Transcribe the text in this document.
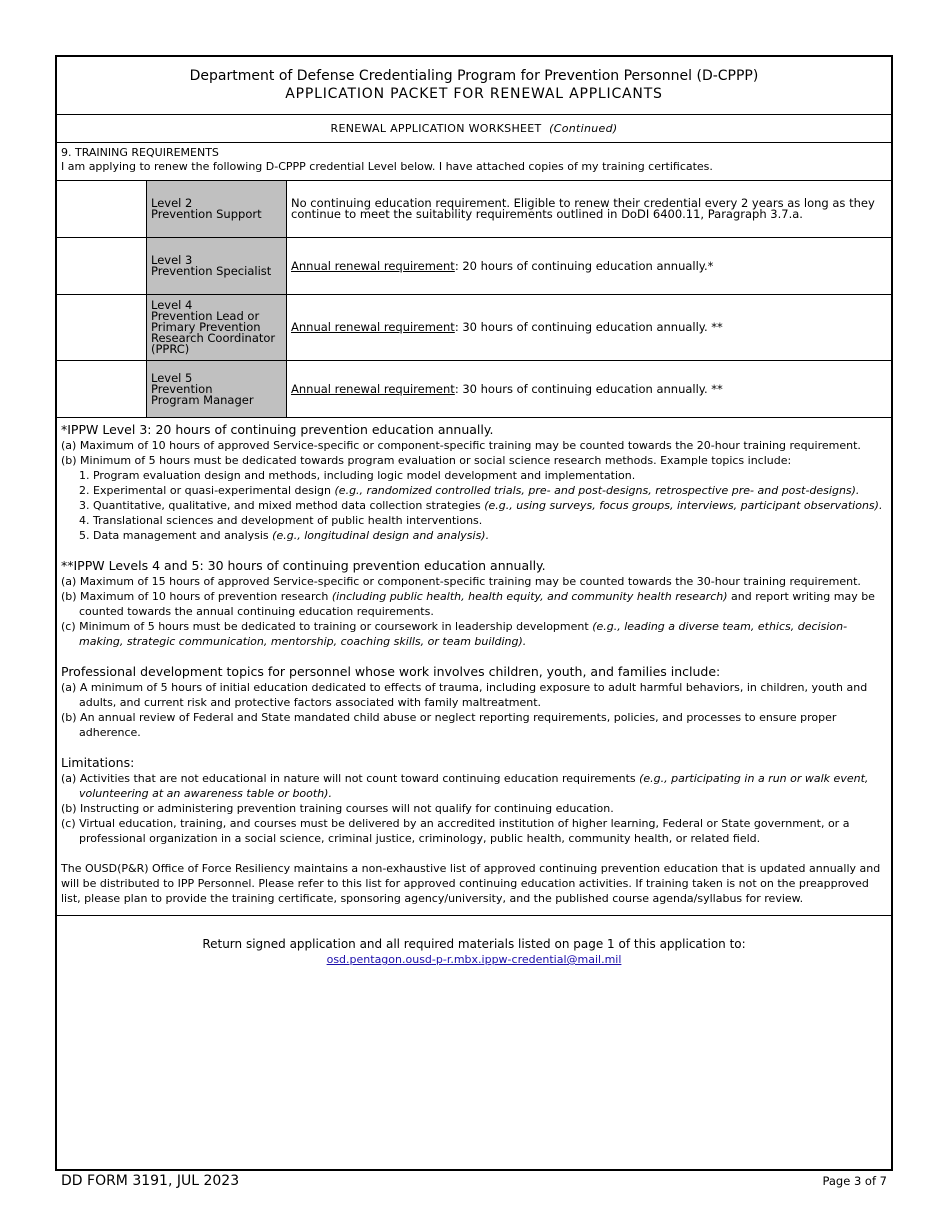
Department of Defense Credentialing Program for Prevention Personnel (D-CPPP)
APPLICATION PACKET FOR RENEWAL APPLICANTS
RENEWAL APPLICATION WORKSHEET (Continued)
9. TRAINING REQUIREMENTS
I am applying to renew the following D-CPPP credential Level below. I have attached copies of my training certificates.
Level 2
Prevention Support
No continuing education requirement. Eligible to renew their credential every 2 years as long as they continue to meet the suitability requirements outlined in DoDI 6400.11, Paragraph 3.7.a.
Level 3
Prevention Specialist Annual renewal requirement: 20 hours of continuing education annually.*
Level 4
Prevention Lead or
Primary Prevention
Research Coordinator
(PPRC)
Annual renewal requirement: 30 hours of continuing education annually. **
Level 5
Prevention
Program Manager
Annual renewal requirement: 30 hours of continuing education annually. **
*IPPW Level 3: 20 hours of continuing prevention education annually.
(a) Maximum of 10 hours of approved Service-specific or component-specific training may be counted towards the 20-hour training requirement.
(b) Minimum of 5 hours must be dedicated towards program evaluation or social science research methods. Example topics include:
1. Program evaluation design and methods, including logic model development and implementation.
2. Experimental or quasi-experimental design (e.g., randomized controlled trials, pre- and post-designs, retrospective pre- and post-designs).
3. Quantitative, qualitative, and mixed method data collection strategies (e.g., using surveys, focus groups, interviews, participant observations).
4. Translational sciences and development of public health interventions.
5. Data management and analysis (e.g., longitudinal design and analysis).
**IPPW Levels 4 and 5: 30 hours of continuing prevention education annually.
(a) Maximum of 15 hours of approved Service-specific or component-specific training may be counted towards the 30-hour training requirement.
(b) Maximum of 10 hours of prevention research (including public health, health equity, and community health research) and report writing may be counted towards the annual continuing education requirements.
(c) Minimum of 5 hours must be dedicated to training or coursework in leadership development (e.g., leading a diverse team, ethics, decision-making, strategic communication, mentorship, coaching skills, or team building).
Professional development topics for personnel whose work involves children, youth, and families include:
(a) A minimum of 5 hours of initial education dedicated to effects of trauma, including exposure to adult harmful behaviors, in children, youth and adults, and current risk and protective factors associated with family maltreatment.
(b) An annual review of Federal and State mandated child abuse or neglect reporting requirements, policies, and processes to ensure proper adherence.
Limitations:
(a) Activities that are not educational in nature will not count toward continuing education requirements (e.g., participating in a run or walk event, volunteering at an awareness table or booth).
(b) Instructing or administering prevention training courses will not qualify for continuing education.
(c) Virtual education, training, and courses must be delivered by an accredited institution of higher learning, Federal or State government, or a professional organization in a social science, criminal justice, criminology, public health, community health, or related field.
The OUSD(P&R) Office of Force Resiliency maintains a non-exhaustive list of approved continuing prevention education that is updated annually and will be distributed to IPP Personnel. Please refer to this list for approved continuing education activities. If training taken is not on the preapproved list, please plan to provide the training certificate, sponsoring agency/university, and the published course agenda/syllabus for review.
Return signed application and all required materials listed on page 1 of this application to:
osd.pentagon.ousd-p-r.mbx.ippw-credential@mail.mil
DD FORM 3191, JUL 2023	Page 3 of 7
